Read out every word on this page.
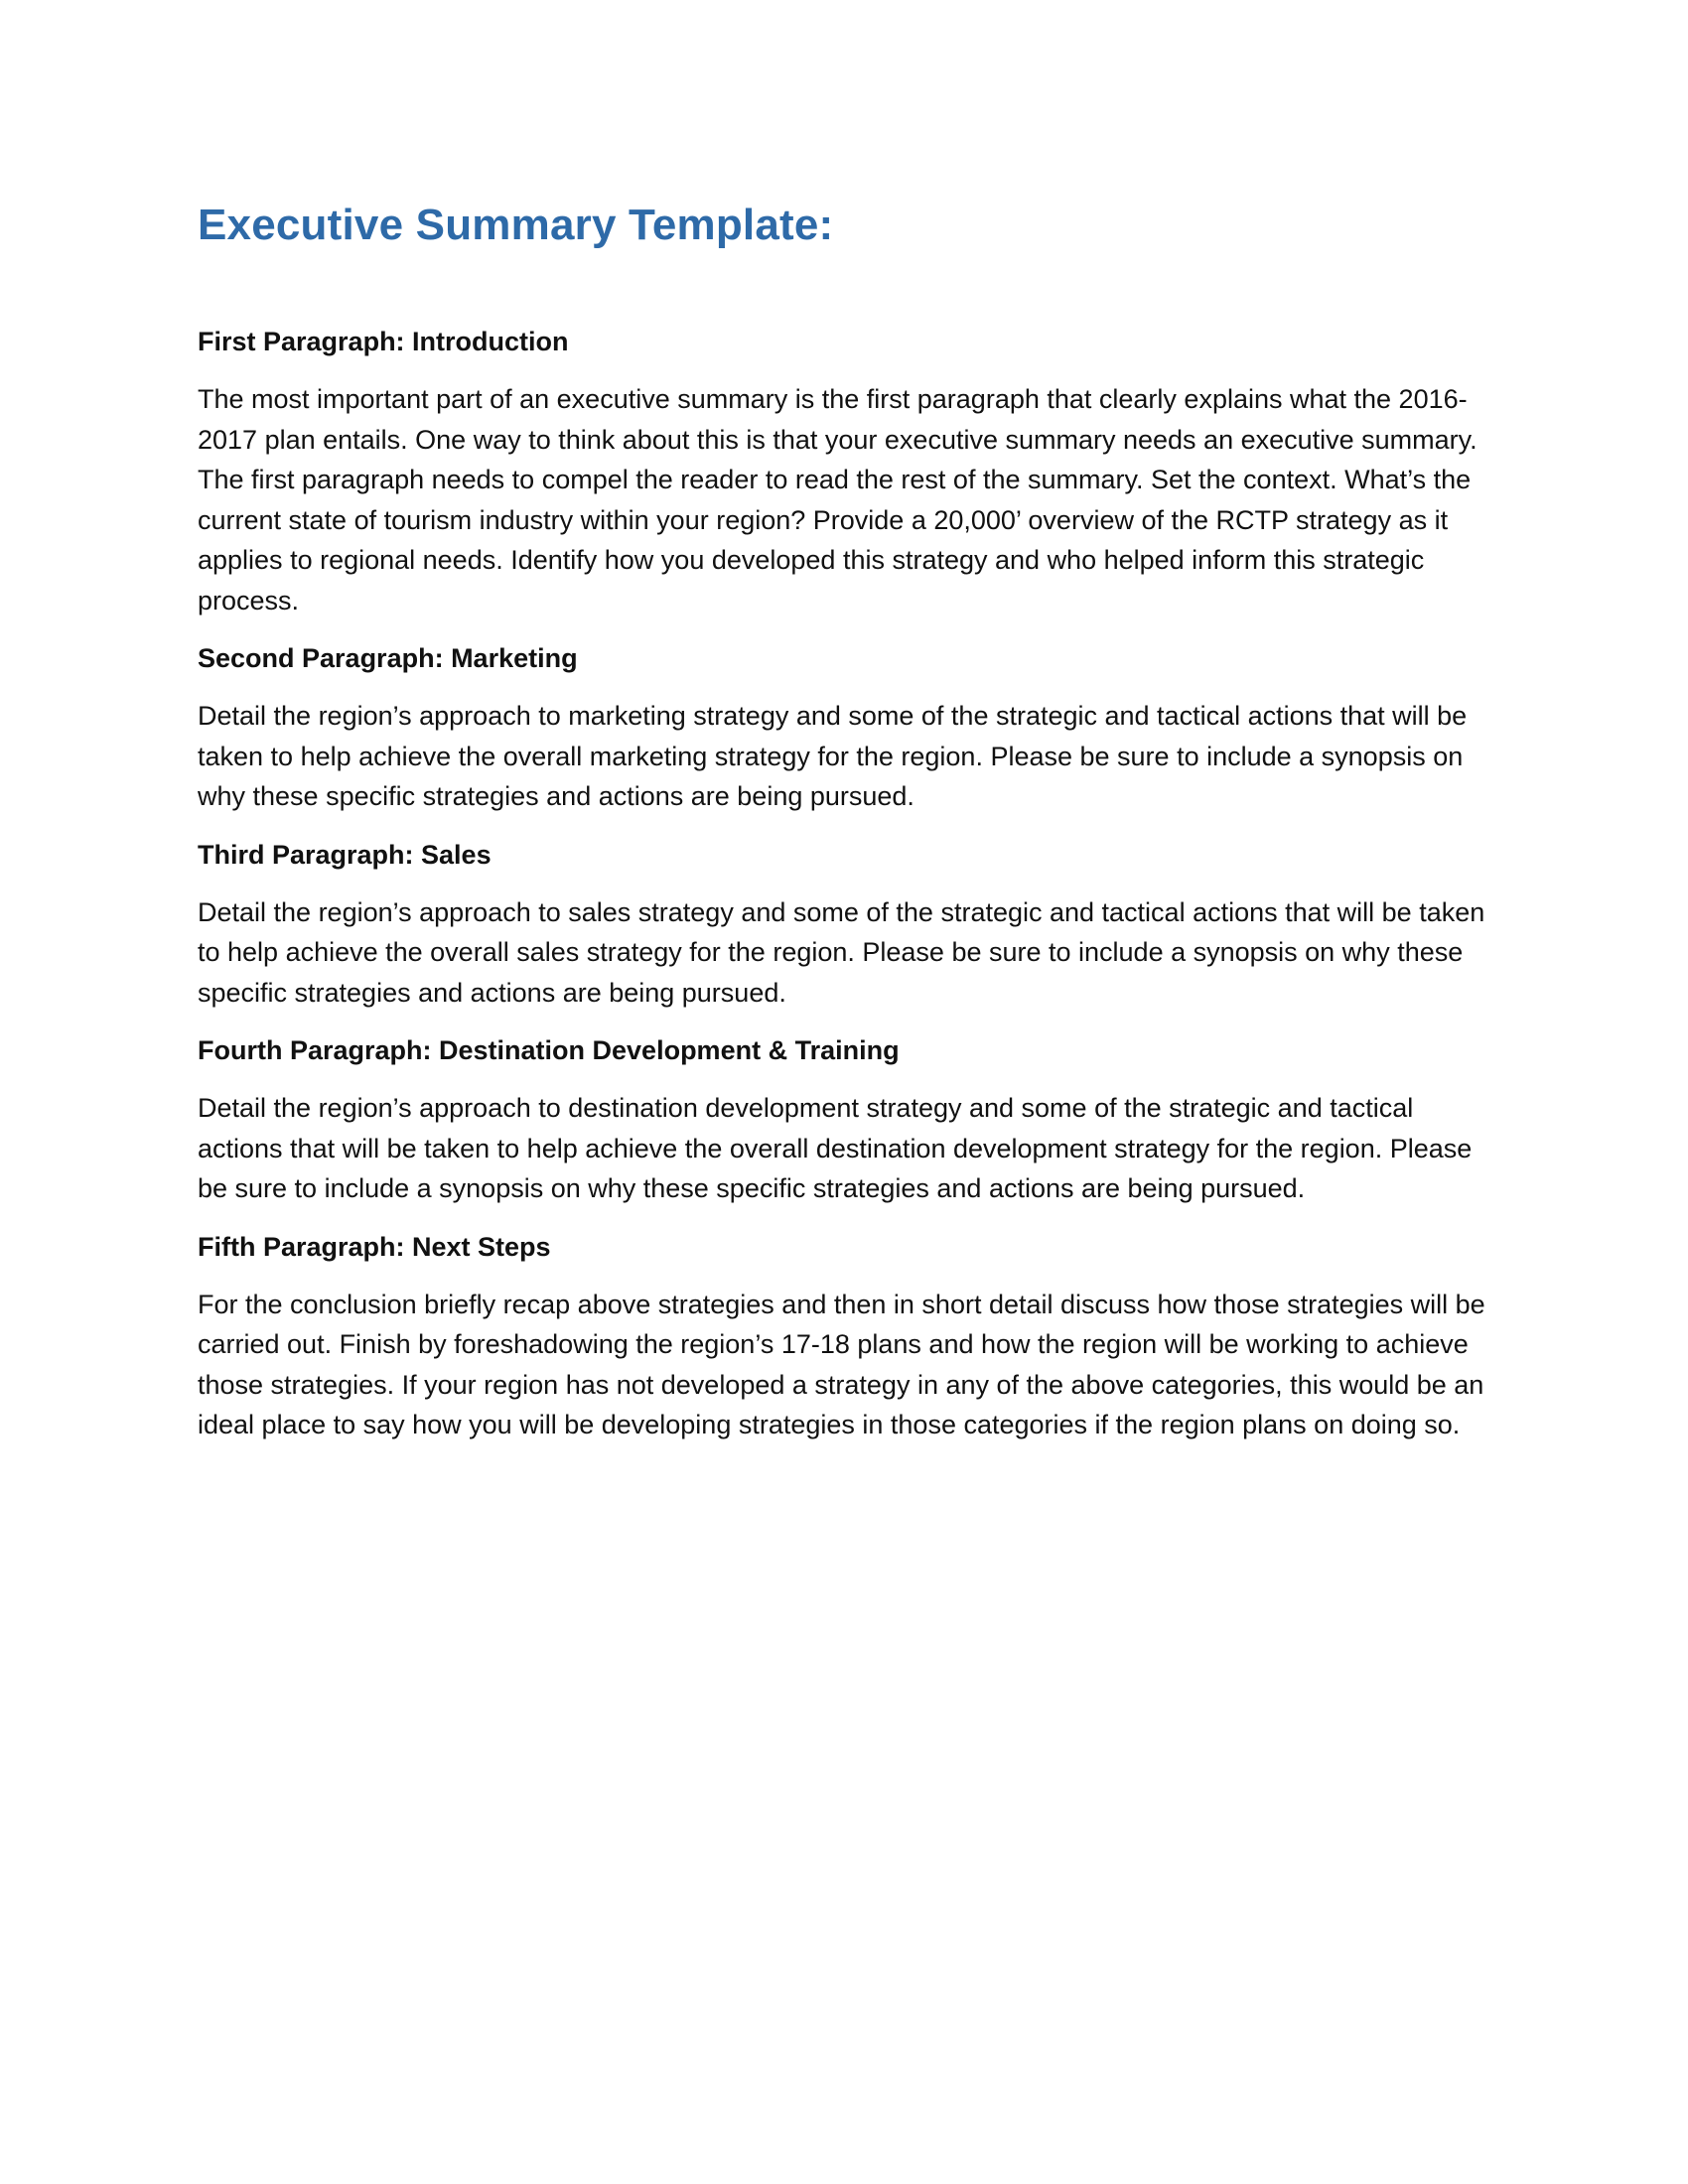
Executive Summary Template:
First Paragraph: Introduction

The most important part of an executive summary is the first paragraph that clearly explains what the 2016-2017 plan entails. One way to think about this is that your executive summary needs an executive summary. The first paragraph needs to compel the reader to read the rest of the summary. Set the context. What’s the current state of tourism industry within your region? Provide a 20,000’ overview of the RCTP strategy as it applies to regional needs. Identify how you developed this strategy and who helped inform this strategic process.

Second Paragraph: Marketing

Detail the region’s approach to marketing strategy and some of the strategic and tactical actions that will be taken to help achieve the overall marketing strategy for the region. Please be sure to include a synopsis on why these specific strategies and actions are being pursued.

Third Paragraph: Sales

Detail the region’s approach to sales strategy and some of the strategic and tactical actions that will be taken to help achieve the overall sales strategy for the region. Please be sure to include a synopsis on why these specific strategies and actions are being pursued.

Fourth Paragraph: Destination Development & Training

Detail the region’s approach to destination development strategy and some of the strategic and tactical actions that will be taken to help achieve the overall destination development strategy for the region. Please be sure to include a synopsis on why these specific strategies and actions are being pursued.

Fifth Paragraph: Next Steps

For the conclusion briefly recap above strategies and then in short detail discuss how those strategies will be carried out. Finish by foreshadowing the region’s 17-18 plans and how the region will be working to achieve those strategies. If your region has not developed a strategy in any of the above categories, this would be an ideal place to say how you will be developing strategies in those categories if the region plans on doing so.
